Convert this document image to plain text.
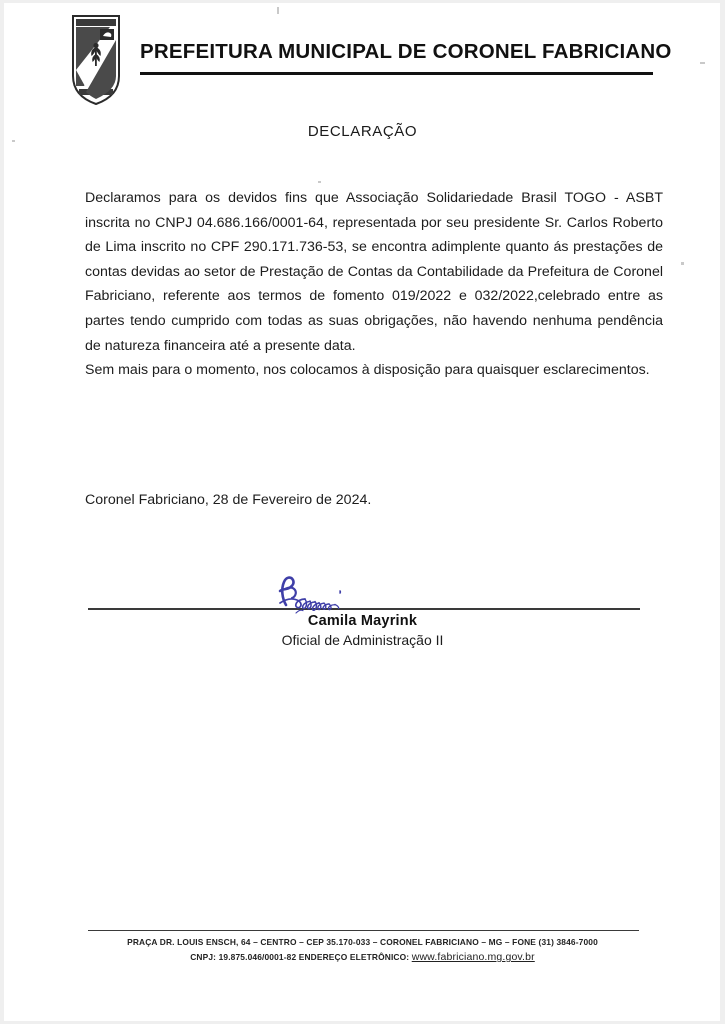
PREFEITURA MUNICIPAL DE CORONEL FABRICIANO
DECLARAÇÃO

Declaramos para os devidos fins que Associação Solidariedade Brasil TOGO - ASBT inscrita no CNPJ 04.686.166/0001-64, representada por seu presidente Sr. Carlos Roberto de Lima inscrito no CPF 290.171.736-53, se encontra adimplente quanto ás prestações de contas devidas ao setor de Prestação de Contas da Contabilidade da Prefeitura de Coronel Fabriciano, referente aos termos de fomento 019/2022 e 032/2022,celebrado entre as partes tendo cumprido com todas as suas obrigações, não havendo nenhuma pendência de natureza financeira até a presente data.

Sem mais para o momento, nos colocamos à disposição para quaisquer esclarecimentos.

Coronel Fabriciano, 28 de Fevereiro de 2024.
Camila Mayrink
Oficial de Administração II
PRAÇA DR. LOUIS ENSCH, 64 – CENTRO – CEP 35.170-033 – CORONEL FABRICIANO – MG – FONE (31) 3846-7000
CNPJ: 19.875.046/0001-82 ENDEREÇO ELETRÔNICO: www.fabriciano.mg.gov.br
